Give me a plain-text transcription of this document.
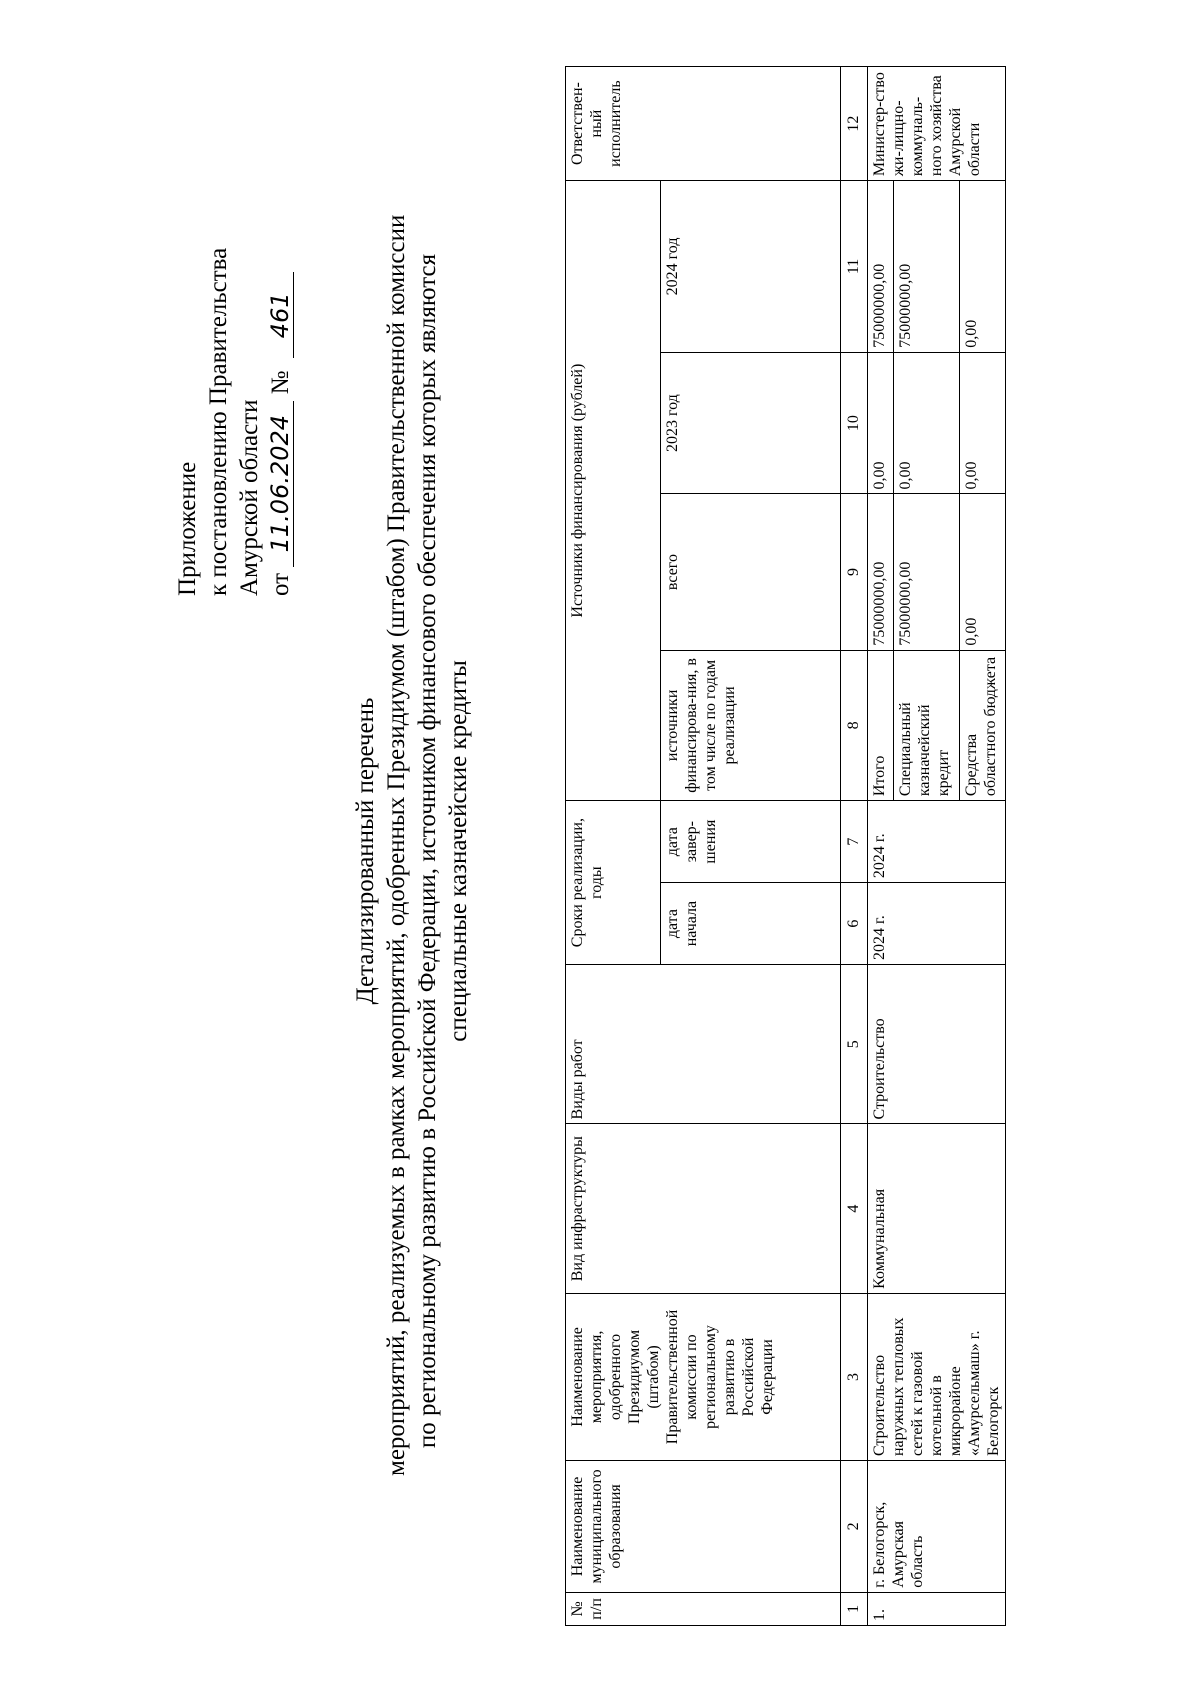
Приложение к постановлению Правительства Амурской области от 11.06.2024 № 461
Детализированный перечень мероприятий, реализуемых в рамках мероприятий, одобренных Президиумом (штабом) Правительственной комиссии по региональному развитию в Российской Федерации, источником финансового обеспечения которых являются специальные казначейские кредиты
№ п/п	Наименование муниципального образования	Наименование мероприятия, одобренного Президиумом (штабом) Правительственной комиссии по региональному развитию в Российской Федерации	Вид инфраструктуры	Виды работ	Сроки реализации, годы		Источники финансирования (рублей)				Ответствен-ный исполнитель
					дата начала	дата завер-шения	источники финансирова-ния, в том числе по годам реализации	всего	2023 год	2024 год	
1	2	3	4	5	6	7	8	9	10	11	12
1.	г. Белогорск, Амурская область	Строительство наружных тепловых сетей к газовой котельной в микрорайоне «Амурсельмаш» г. Белогорск	Коммунальная	Строительство	2024 г.	2024 г.	Итого	75000000,00	0,00	75000000,00	Министер-ство жи-лищно-коммуналь-ного хозяйства Амурской области
							Специальный казначейский кредит	75000000,00	0,00	75000000,00	
							Средства областного бюджета	0,00	0,00	0,00	
